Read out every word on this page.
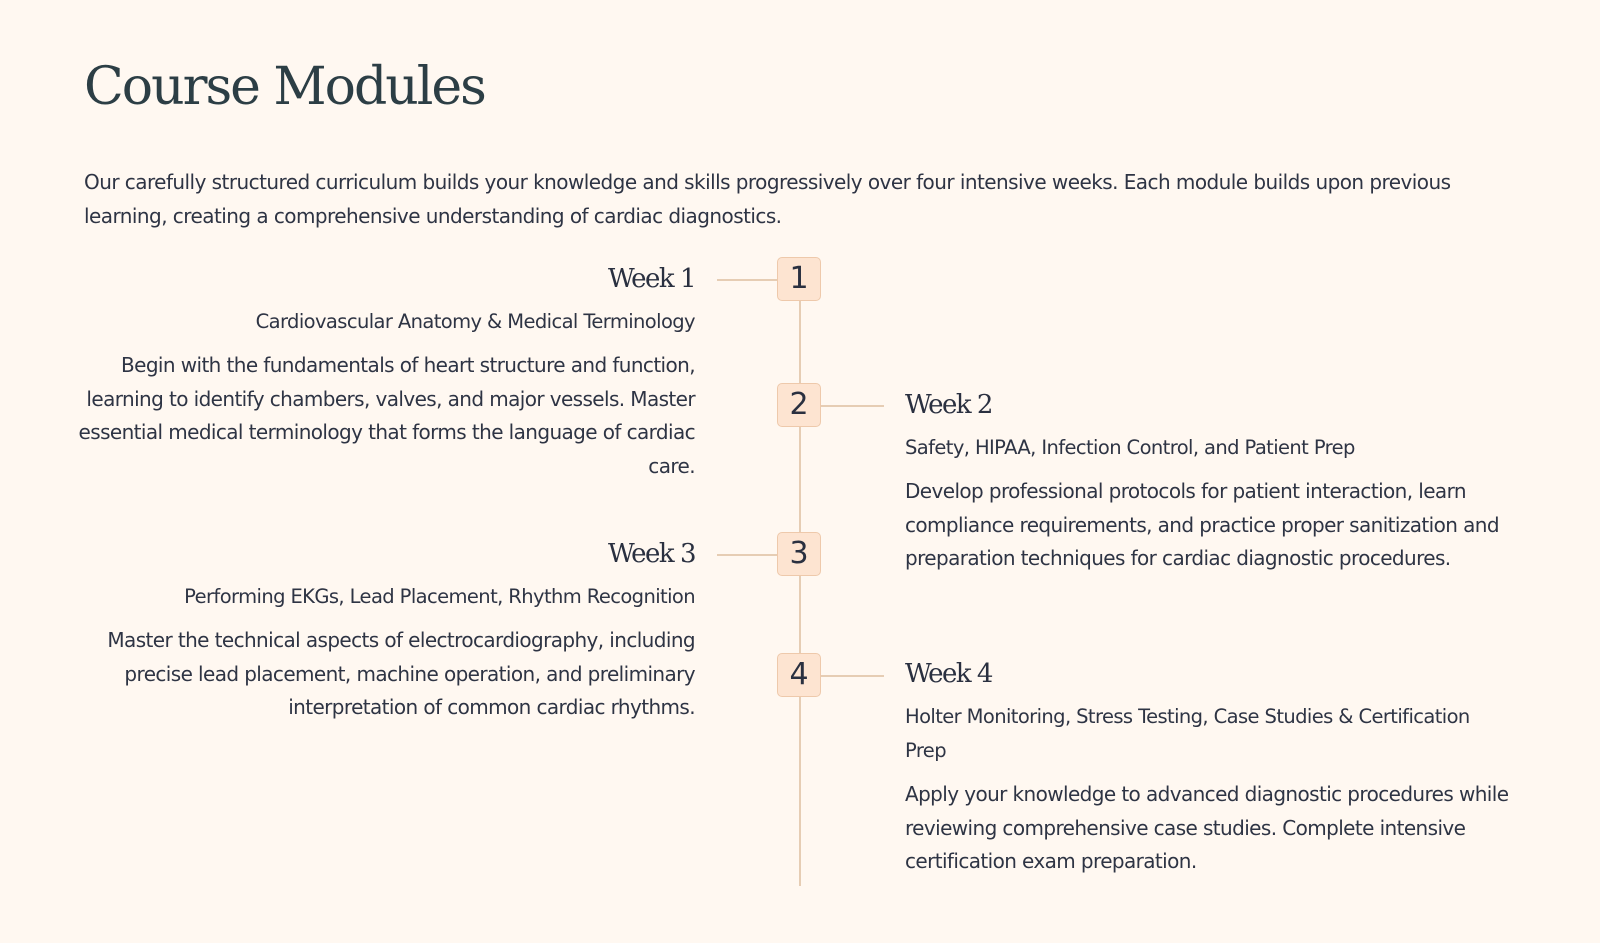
Course Modules

Our carefully structured curriculum builds your knowledge and skills progressively over four intensive weeks. Each module builds upon previous learning, creating a comprehensive understanding of cardiac diagnostics.

1
Week 1

Cardiovascular Anatomy & Medical Terminology

Begin with the fundamentals of heart structure and function, learning to identify chambers, valves, and major vessels. Master essential medical terminology that forms the language of cardiac care.

2	Week 2

Safety, HIPAA, Infection Control, and Patient Prep

Develop professional protocols for patient interaction, learn compliance requirements, and practice proper sanitization and preparation techniques for cardiac diagnostic procedures.

3
Week 3

Performing EKGs, Lead Placement, Rhythm Recognition

Master the technical aspects of electrocardiography, including precise lead placement, machine operation, and preliminary interpretation of common cardiac rhythms.

4	Week 4

Holter Monitoring, Stress Testing, Case Studies & Certification Prep

Apply your knowledge to advanced diagnostic procedures while reviewing comprehensive case studies. Complete intensive certification exam preparation.
